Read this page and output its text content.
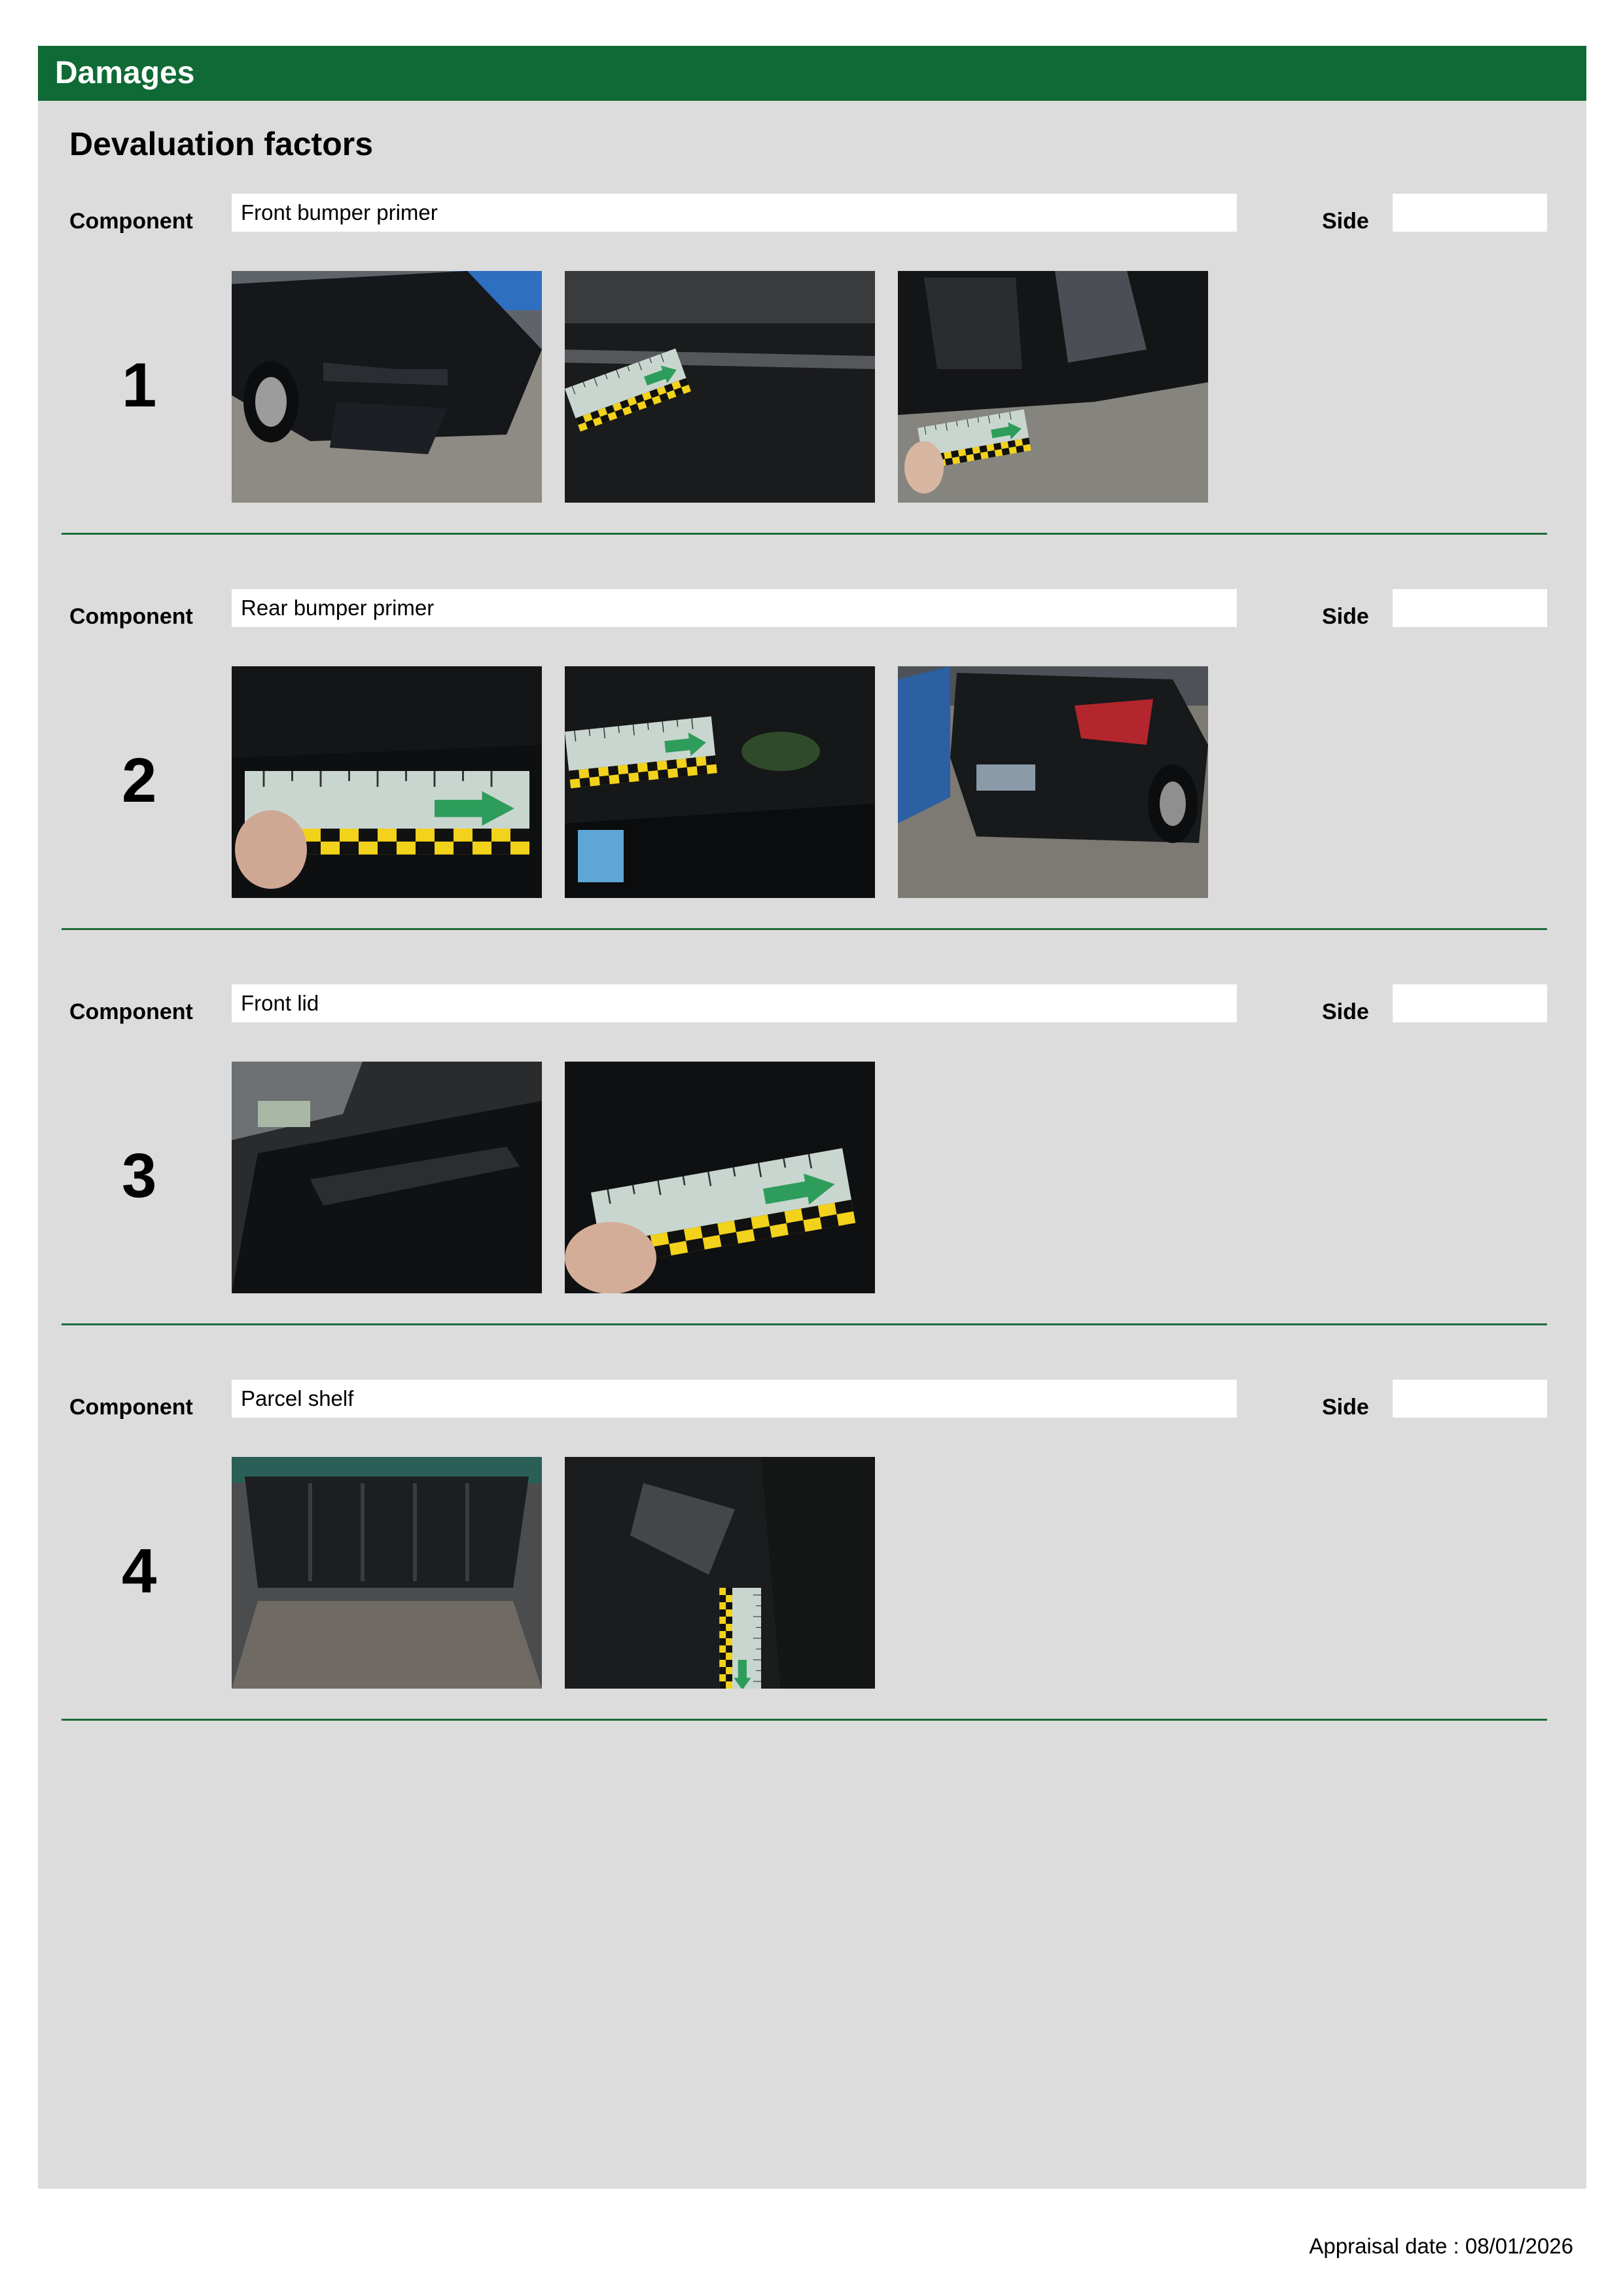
Damages
Devaluation factors
Component	Front bumper primer	Side
1
Component	Rear bumper primer	Side
2
Component	Front lid	Side
3
Component	Parcel shelf	Side
4
Appraisal date : 08/01/2026
